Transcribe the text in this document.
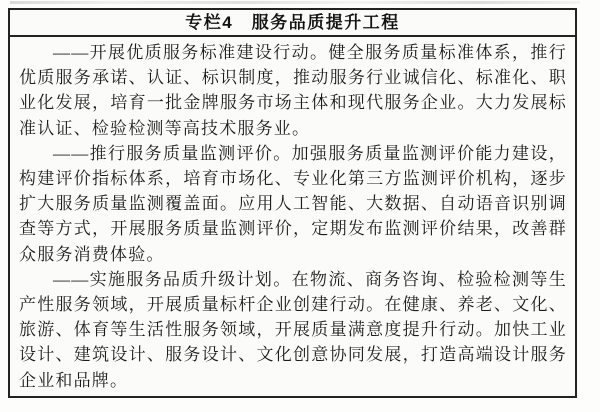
专栏4　服务品质提升工程

——开展优质服务标准建设行动。健全服务质量标准体系，推行优质服务承诺、认证、标识制度，推动服务行业诚信化、标准化、职业化发展，培育一批金牌服务市场主体和现代服务企业。大力发展标准认证、检验检测等高技术服务业。

——推行服务质量监测评价。加强服务质量监测评价能力建设，构建评价指标体系，培育市场化、专业化第三方监测评价机构，逐步扩大服务质量监测覆盖面。应用人工智能、大数据、自动语音识别调查等方式，开展服务质量监测评价，定期发布监测评价结果，改善群众服务消费体验。

——实施服务品质升级计划。在物流、商务咨询、检验检测等生产性服务领域，开展质量标杆企业创建行动。在健康、养老、文化、旅游、体育等生活性服务领域，开展质量满意度提升行动。加快工业设计、建筑设计、服务设计、文化创意协同发展，打造高端设计服务企业和品牌。
